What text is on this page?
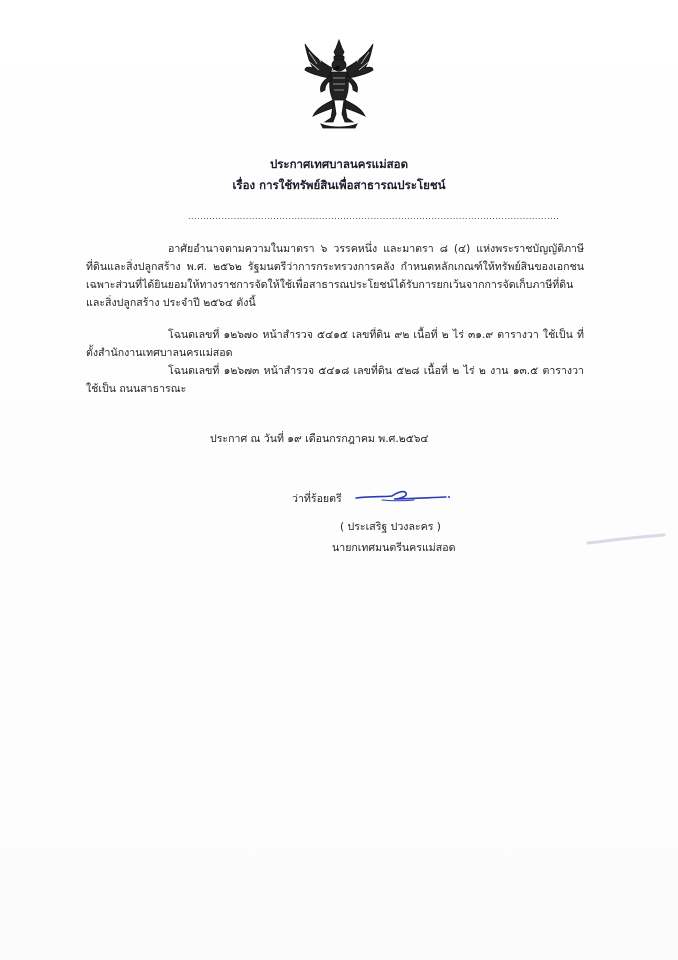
ประกาศเทศบาลนครแม่สอด
เรื่อง การใช้ทรัพย์สินเพื่อสาธารณประโยชน์
..........................................................................................................................
อาศัยอำนาจตามความในมาตรา ๖ วรรคหนึ่ง และมาตรา ๘ (๔) แห่งพระราชบัญญัติภาษีที่ดินและสิ่งปลูกสร้าง พ.ศ. ๒๕๖๒ รัฐมนตรีว่าการกระทรวงการคลัง กำหนดหลักเกณฑ์ให้ทรัพย์สินของเอกชนเฉพาะส่วนที่ได้ยินยอมให้ทางราชการจัดให้ใช้เพื่อสาธารณประโยชน์ได้รับการยกเว้นจากการจัดเก็บภาษีที่ดินและสิ่งปลูกสร้าง ประจำปี ๒๕๖๔ ดังนี้
โฉนดเลขที่ ๑๒๖๗๐ หน้าสำรวจ ๕๔๑๕ เลขที่ดิน ๙๒ เนื้อที่ ๒ ไร่ ๓๑.๙ ตารางวา ใช้เป็น ที่ตั้งสำนักงานเทศบาลนครแม่สอด
โฉนดเลขที่ ๑๒๖๗๓ หน้าสำรวจ ๕๔๑๘ เลขที่ดิน ๕๒๘ เนื้อที่ ๒ ไร่ ๒ งาน ๑๓.๕ ตารางวา ใช้เป็น ถนนสาธารณะ
ประกาศ ณ วันที่ ๑๙ เดือนกรกฎาคม พ.ศ.๒๕๖๔
ว่าที่ร้อยตรี
( ประเสริฐ ปวงละคร )
นายกเทศมนตรีนครแม่สอด
